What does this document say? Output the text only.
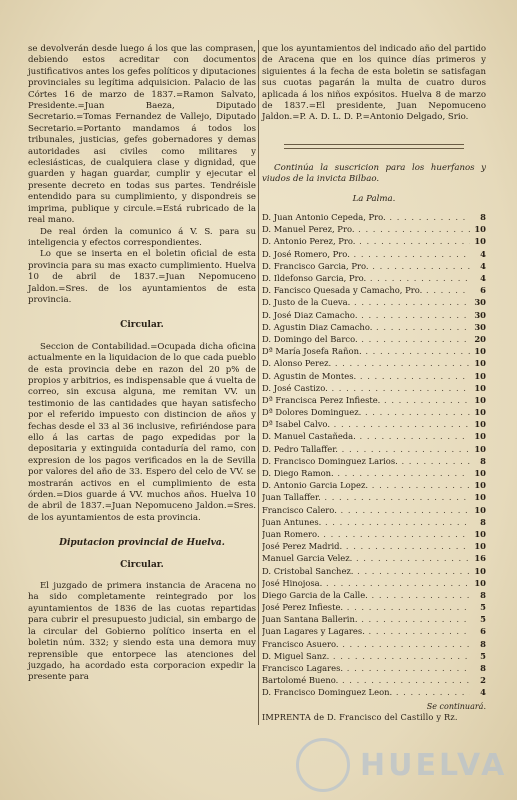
se devolverán desde luego á los que las comprasen, debiendo estos acreditar con documentos justificativos antes los gefes políticos y diputaciones provinciales su legítima adquisicion. Palacio de las Córtes 16 de marzo de 1837.=Ramon Salvato, Presidente.=Juan Baeza, Diputado Secretario.=Tomas Fernandez de Vallejo, Diputado Secretario.=Portanto mandamos á todos los tribunales, justicias, gefes gobernadores y demas autoridades asi civiles como militares y eclesiásticas, de cualquiera clase y dignidad, que guarden y hagan guardar, cumplir y ejecutar el presente decreto en todas sus partes. Tendréisle entendido para su cumplimiento, y dispondreis se imprima, publique y circule.=Está rubricado de la real mano.

De real órden la comunico á V. S. para su inteligencia y efectos correspondientes.

Lo que se inserta en el boletin oficial de esta provincia para su mas exacto cumplimiento. Huelva 10 de abril de 1837.=Juan Nepomuceno Jaldon.=Sres. de los ayuntamientos de esta provincia.

Circular.

Seccion de Contabilidad.=Ocupada dicha oficina actualmente en la liquidacion de lo que cada pueblo de esta provincia debe en razon del 20 p% de propios y arbitrios, es indispensable que á vuelta de correo, sin excusa alguna, me remitan VV. un testimonio de las cantidades que hayan satisfecho por el referido impuesto con distincion de años y fechas desde el 33 al 36 inclusive, refiriéndose para ello á las cartas de pago expedidas por la depositaria y extinguida contaduría del ramo, con expresion de los pagos verificados en la de Sevilla por valores del año de 33. Espero del celo de VV. se mostrarán activos en el cumplimiento de esta órden.=Dios guarde á VV. muchos años. Huelva 10 de abril de 1837.=Juan Nepomuceno Jaldon.=Sres. de los ayuntamientos de esta provincia.

Diputacion provincial de Huelva.
Circular.

El juzgado de primera instancia de Aracena no ha sido completamente reintegrado por los ayuntamientos de 1836 de las cuotas repartidas para cubrir el presupuesto judicial, sin embargo de la circular del Gobierno político inserta en el boletin núm. 332; y siendo esta una demora muy reprensible que entorpece las atenciones del juzgado, ha acordado esta corporacion expedir la presente para

que los ayuntamientos del indicado año del partido de Aracena que en los quince días primeros y siguientes á la fecha de esta boletin se satisfagan sus cuotas pagarán la multa de cuatro duros aplicada á los niños expósitos. Huelva 8 de marzo de 1837.=El presidente, Juan Nepomuceno Jaldon.=P. A. D. L. D. P.=Antonio Delgado, Srio.

Continúa la suscricion para los huerfanos y viudos de la invicta Bilbao.

La Palma.
D. Juan Antonio Cepeda, Pro. . . .	8
D. Manuel Perez, Pro. . . .	10
D. Antonio Perez, Pro. . . .	10
D. José Romero, Pro. . . .	4
D. Francisco Garcia, Pro. . . .	4
D. Ildefonso Garcia, Pro. . . .	4
D. Fancisco Quesada y Camacho, Pro. . . .	6
D. Justo de la Cueva. . . .	30
D. José Diaz Camacho. . . .	30
D. Agustin Diaz Camacho. . . .	30
D. Domingo del Barco. . . .	20
Dª María Josefa Rañon. . . .	10
D. Alonso Perez. . . .	10
D. Agustin de Montes. . . .	10
D. José Castizo. . . .	10
Dª Francisca Perez Infieste. . . .	10
Dª Dolores Dominguez. . . .	10
Dª Isabel Calvo. . . .	10
D. Manuel Castañeda. . . .	10
D. Pedro Tallaffer. . . .	10
D. Francisco Dominguez Larios. . . .	8
D. Diego Ramon. . . .	10
D. Antonio Garcia Lopez. . . .	10
Juan Tallaffer. . . .	10
Francisco Calero. . . .	10
Juan Antunes. . . .	8
Juan Romero. . . .	10
José Perez Madrid. . . .	10
Manuel Garcia Velez. . . .	16
D. Cristobal Sanchez. . . .	10
José Hinojosa. . . .	10
Diego Garcia de la Calle. . . .	8
José Perez Infieste. . . .	5
Juan Santana Ballerin. . . .	5
Juan Lagares y Lagares. . . .	6
Francisco Asuero. . . .	8
D. Miguel Sanz. . . .	5
Francisco Lagares. . . .	8
Bartolomé Bueno. . . .	2
D. Francisco Dominguez Leon. . . .	4
Se continuará.
IMPRENTA de D. Francisco del Castillo y Rz.
HUELVA
